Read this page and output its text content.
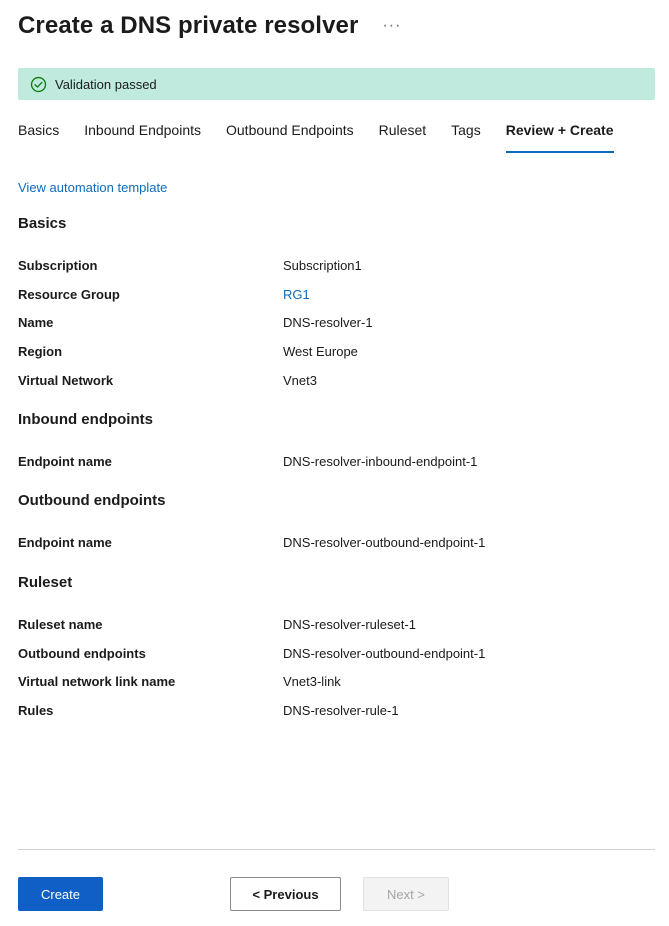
Create a DNS private resolver ···
Validation passed
Basics Inbound Endpoints Outbound Endpoints Ruleset Tags Review + Create
View automation template
Basics
Subscription	Subscription1
Resource Group	RG1
Name	DNS-resolver-1
Region	West Europe
Virtual Network	Vnet3
Inbound endpoints
Endpoint name	DNS-resolver-inbound-endpoint-1
Outbound endpoints
Endpoint name	DNS-resolver-outbound-endpoint-1
Ruleset
Ruleset name	DNS-resolver-ruleset-1
Outbound endpoints	DNS-resolver-outbound-endpoint-1
Virtual network link name	Vnet3-link
Rules	DNS-resolver-rule-1
Create	< Previous	Next >
